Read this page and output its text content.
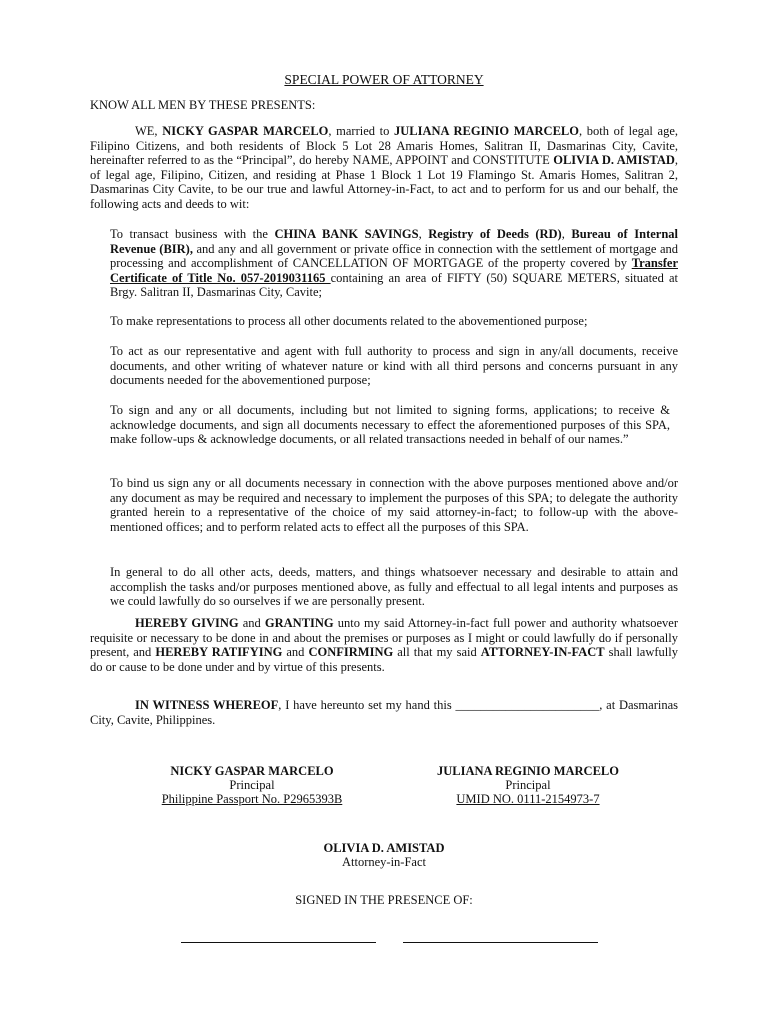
SPECIAL POWER OF ATTORNEY
KNOW ALL MEN BY THESE PRESENTS:
WE, NICKY GASPAR MARCELO, married to JULIANA REGINIO MARCELO, both of legal age, Filipino Citizens, and both residents of Block 5 Lot 28 Amaris Homes, Salitran II, Dasmarinas City, Cavite, hereinafter referred to as the “Principal”, do hereby NAME, APPOINT and CONSTITUTE OLIVIA D. AMISTAD, of legal age, Filipino, Citizen, and residing at Phase 1 Block 1 Lot 19 Flamingo St. Amaris Homes, Salitran 2, Dasmarinas City Cavite, to be our true and lawful Attorney-in-Fact, to act and to perform for us and our behalf, the following acts and deeds to wit:
To transact business with the CHINA BANK SAVINGS, Registry of Deeds (RD), Bureau of Internal Revenue (BIR), and any and all government or private office in connection with the settlement of mortgage and processing and accomplishment of CANCELLATION OF MORTGAGE of the property covered by Transfer Certificate of Title No. 057-2019031165 containing an area of FIFTY (50) SQUARE METERS, situated at Brgy. Salitran II, Dasmarinas City, Cavite;
To make representations to process all other documents related to the abovementioned purpose;
To act as our representative and agent with full authority to process and sign in any/all documents, receive documents, and other writing of whatever nature or kind with all third persons and concerns pursuant in any documents needed for the abovementioned purpose;
To sign and any or all documents, including but not limited to signing forms, applications; to receive & acknowledge documents, and sign all documents necessary to effect the aforementioned purposes of this SPA, make follow-ups & acknowledge documents, or all related transactions needed in behalf of our names.”
To bind us sign any or all documents necessary in connection with the above purposes mentioned above and/or any document as may be required and necessary to implement the purposes of this SPA; to delegate the authority granted herein to a representative of the choice of my said attorney-in-fact; to follow-up with the above-mentioned offices; and to perform related acts to effect all the purposes of this SPA.
In general to do all other acts, deeds, matters, and things whatsoever necessary and desirable to attain and accomplish the tasks and/or purposes mentioned above, as fully and effectual to all legal intents and purposes as we could lawfully do so ourselves if we are personally present.
HEREBY GIVING and GRANTING unto my said Attorney-in-fact full power and authority whatsoever requisite or necessary to be done in and about the premises or purposes as I might or could lawfully do if personally present, and HEREBY RATIFYING and CONFIRMING all that my said ATTORNEY-IN-FACT shall lawfully do or cause to be done under and by virtue of this presents.
IN WITNESS WHEREOF, I have hereunto set my hand this _______________________, at Dasmarinas City, Cavite, Philippines.
NICKY GASPAR MARCELO
Principal
Philippine Passport No. P2965393B
JULIANA REGINIO MARCELO
Principal
UMID NO. 0111-2154973-7
OLIVIA D. AMISTAD
Attorney-in-Fact
SIGNED IN THE PRESENCE OF:
